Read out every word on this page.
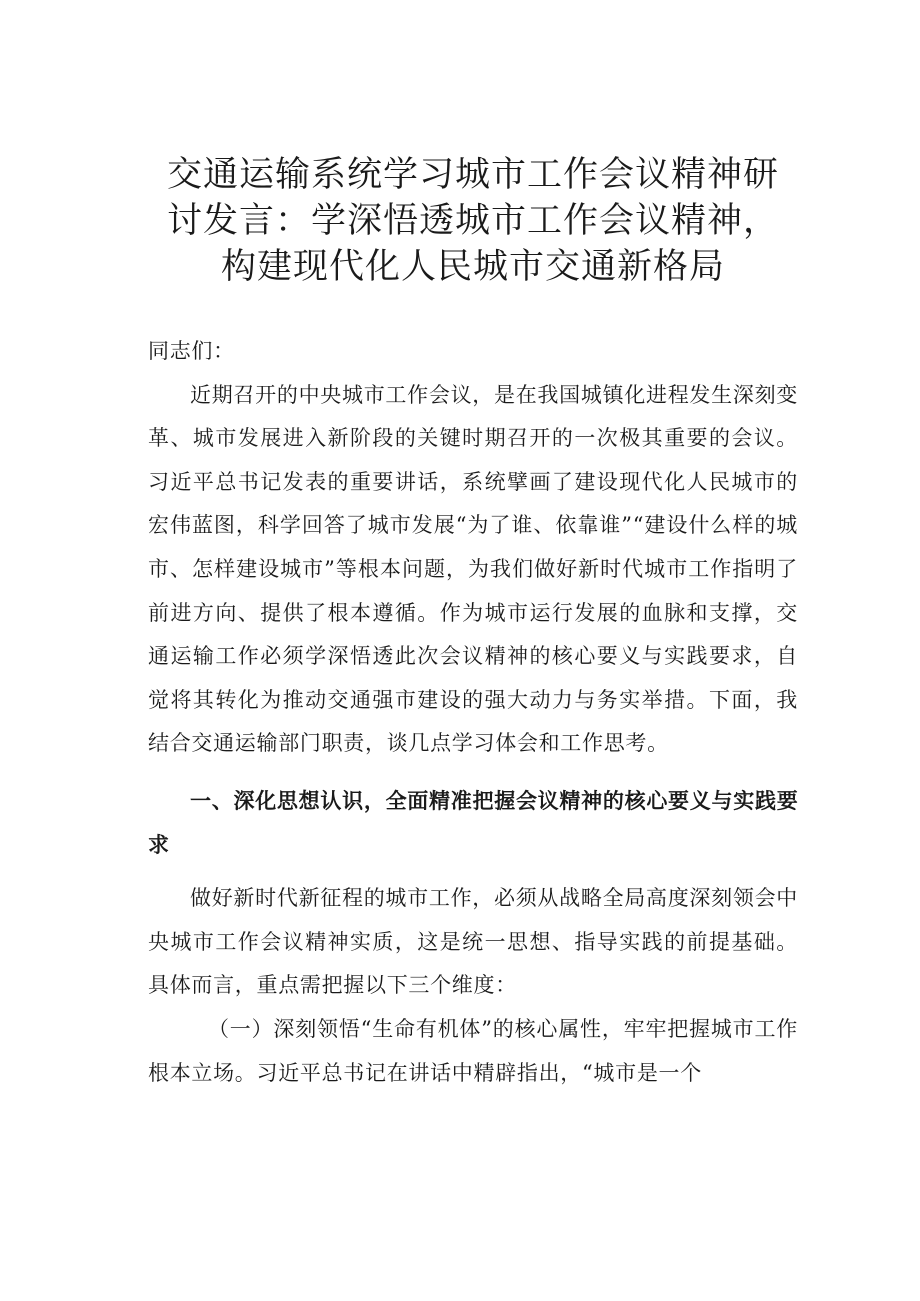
交通运输系统学习城市工作会议精神研
讨发言：学深悟透城市工作会议精神，
构建现代化人民城市交通新格局

同志们：

近期召开的中央城市工作会议，是在我国城镇化进程发生深刻变革、城市发展进入新阶段的关键时期召开的一次极其重要的会议。习近平总书记发表的重要讲话，系统擘画了建设现代化人民城市的宏伟蓝图，科学回答了城市发展“为了谁、依靠谁”“建设什么样的城市、怎样建设城市”等根本问题，为我们做好新时代城市工作指明了前进方向、提供了根本遵循。作为城市运行发展的血脉和支撑，交通运输工作必须学深悟透此次会议精神的核心要义与实践要求，自觉将其转化为推动交通强市建设的强大动力与务实举措。下面，我结合交通运输部门职责，谈几点学习体会和工作思考。

一、深化思想认识，全面精准把握会议精神的核心要义与实践要求

做好新时代新征程的城市工作，必须从战略全局高度深刻领会中央城市工作会议精神实质，这是统一思想、指导实践的前提基础。具体而言，重点需把握以下三个维度：

（一）深刻领悟“生命有机体”的核心属性，牢牢把握城市工作根本立场。习近平总书记在讲话中精辟指出，“城市是一个
